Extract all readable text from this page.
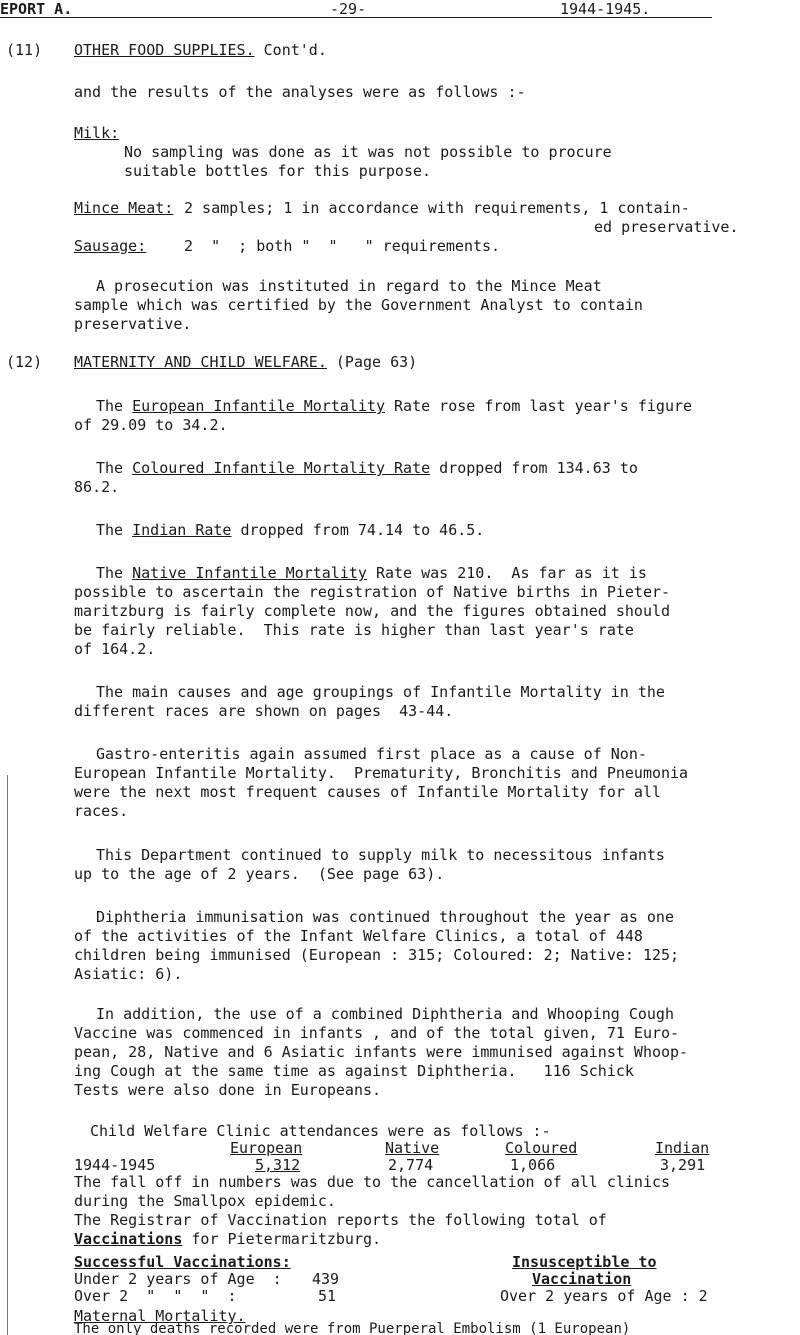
EPORT A.	-29-	1944-1945.
(11) OTHER FOOD SUPPLIES. Cont'd.
and the results of the analyses were as follows :-
Milk:
No sampling was done as it was not possible to procure
suitable bottles for this purpose.
Mince Meat: 2 samples; 1 in accordance with requirements, 1 contain-
ed preservative.
Sausage:	2  "  ; both "  "   " requirements.
A prosecution was instituted in regard to the Mince Meat
sample which was certified by the Government Analyst to contain
preservative.
(12) MATERNITY AND CHILD WELFARE. (Page 63)
The European Infantile Mortality Rate rose from last year's figure
of 29.09 to 34.2.
The Coloured Infantile Mortality Rate dropped from 134.63 to
86.2.
The Indian Rate dropped from 74.14 to 46.5.
The Native Infantile Mortality Rate was 210.  As far as it is
possible to ascertain the registration of Native births in Pieter-
maritzburg is fairly complete now, and the figures obtained should
be fairly reliable.  This rate is higher than last year's rate
of 164.2.
The main causes and age groupings of Infantile Mortality in the
different races are shown on pages  43-44.
Gastro-enteritis again assumed first place as a cause of Non-
European Infantile Mortality.  Prematurity, Bronchitis and Pneumonia
were the next most frequent causes of Infantile Mortality for all
races.
This Department continued to supply milk to necessitous infants
up to the age of 2 years.  (See page 63).
Diphtheria immunisation was continued throughout the year as one
of the activities of the Infant Welfare Clinics, a total of 448
children being immunised (European : 315; Coloured: 2; Native: 125;
Asiatic: 6).
In addition, the use of a combined Diphtheria and Whooping Cough
Vaccine was commenced in infants , and of the total given, 71 Euro-
pean, 28, Native and 6 Asiatic infants were immunised against Whoop-
ing Cough at the same time as against Diphtheria.   116 Schick
Tests were also done in Europeans.
Child Welfare Clinic attendances were as follows :-
European	Native	Coloured	Indian
1944-1945	5,312	2,774	1,066	3,291
The fall off in numbers was due to the cancellation of all clinics
during the Smallpox epidemic.
The Registrar of Vaccination reports the following total of
Vaccinations for Pietermaritzburg.
Successful Vaccinations:
Under 2 years of Age  : 439
Over 2  "  "  "  :	51
Insusceptible to
Vaccination
Over 2 years of Age : 2
Maternal Mortality.
The only deaths recorded were from Puerperal Embolism (1 European)
